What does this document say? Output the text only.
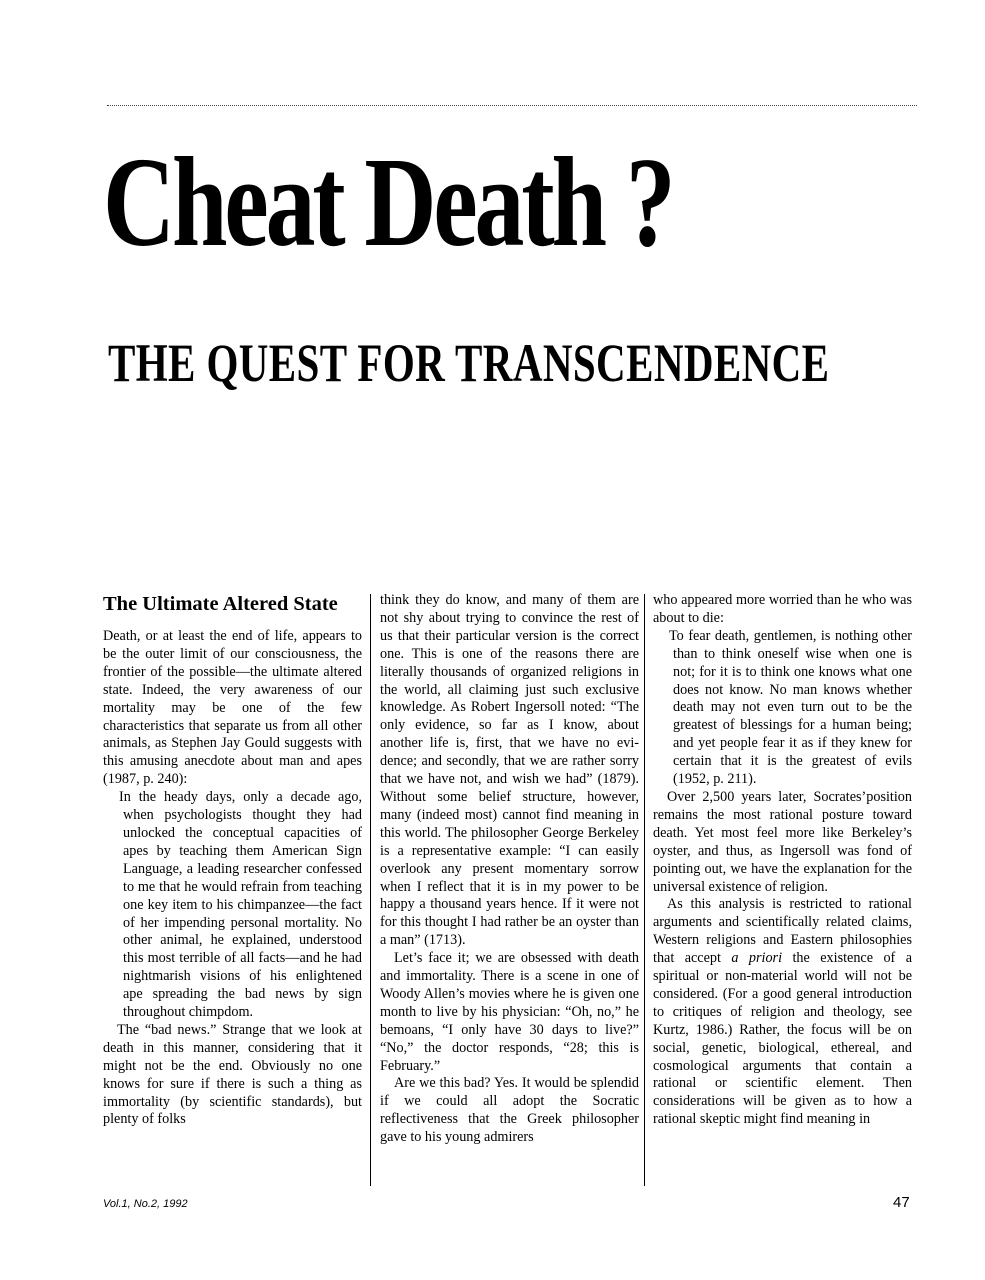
Cheat Death ?
THE QUEST FOR TRANSCENDENCE
The Ultimate Altered State

Death, or at least the end of life, appears to be the outer limit of our consciousness, the frontier of the possible—the ultimate altered state. Indeed, the very awareness of our mortality may be one of the few characteristics that separate us from all other animals, as Stephen Jay Gould suggests with this amusing anecdote about man and apes (1987, p. 240):

In the heady days, only a decade ago, when psychologists thought they had unlocked the conceptual capacities of apes by teaching them American Sign Language, a leading researcher confessed to me that he would refrain from teaching one key item to his chimpanzee—the fact of her impending personal mortality. No other animal, he explained, understood this most terrible of all facts—and he had nightmarish visions of his enlightened ape spreading the bad news by sign throughout chimpdom.

The “bad news.” Strange that we look at death in this manner, considering that it might not be the end. Obviously no one knows for sure if there is such a thing as immortality (by scientific standards), but plenty of folks

think they do know, and many of them are not shy about trying to convince the rest of us that their particular version is the correct one. This is one of the reasons there are literally thousands of organized religions in the world, all claiming just such exclusive knowledge. As Robert Ingersoll noted: “The only evidence, so far as I know, about another life is, first, that we have no evidence; and secondly, that we are rather sorry that we have not, and wish we had” (1879). Without some belief structure, however, many (indeed most) cannot find meaning in this world. The philosopher George Berkeley is a representative example: “I can easily overlook any present momentary sorrow when I reflect that it is in my power to be happy a thousand years hence. If it were not for this thought I had rather be an oyster than a man” (1713).

Let’s face it; we are obsessed with death and immortality. There is a scene in one of Woody Allen’s movies where he is given one month to live by his physician: “Oh, no,” he bemoans, “I only have 30 days to live?” “No,” the doctor responds, “28; this is February.”

Are we this bad? Yes. It would be splendid if we could all adopt the Socratic reflectiveness that the Greek philosopher gave to his young admirers

who appeared more worried than he who was about to die:

To fear death, gentlemen, is nothing other than to think oneself wise when one is not; for it is to think one knows what one does not know. No man knows whether death may not even turn out to be the greatest of blessings for a human being; and yet people fear it as if they knew for certain that it is the greatest of evils (1952, p. 211).

Over 2,500 years later, Socrates’position remains the most rational posture toward death. Yet most feel more like Berkeley’s oyster, and thus, as Ingersoll was fond of pointing out, we have the explanation for the universal existence of religion.

As this analysis is restricted to rational arguments and scientifically related claims, Western religions and Eastern philosophies that accept a priori the existence of a spiritual or non-material world will not be considered. (For a good general introduction to critiques of religion and theology, see Kurtz, 1986.) Rather, the focus will be on social, genetic, biological, ethereal, and cosmological arguments that contain a rational or scientific element. Then considerations will be given as to how a rational skeptic might find meaning in

Vol.1, No.2, 1992	47
